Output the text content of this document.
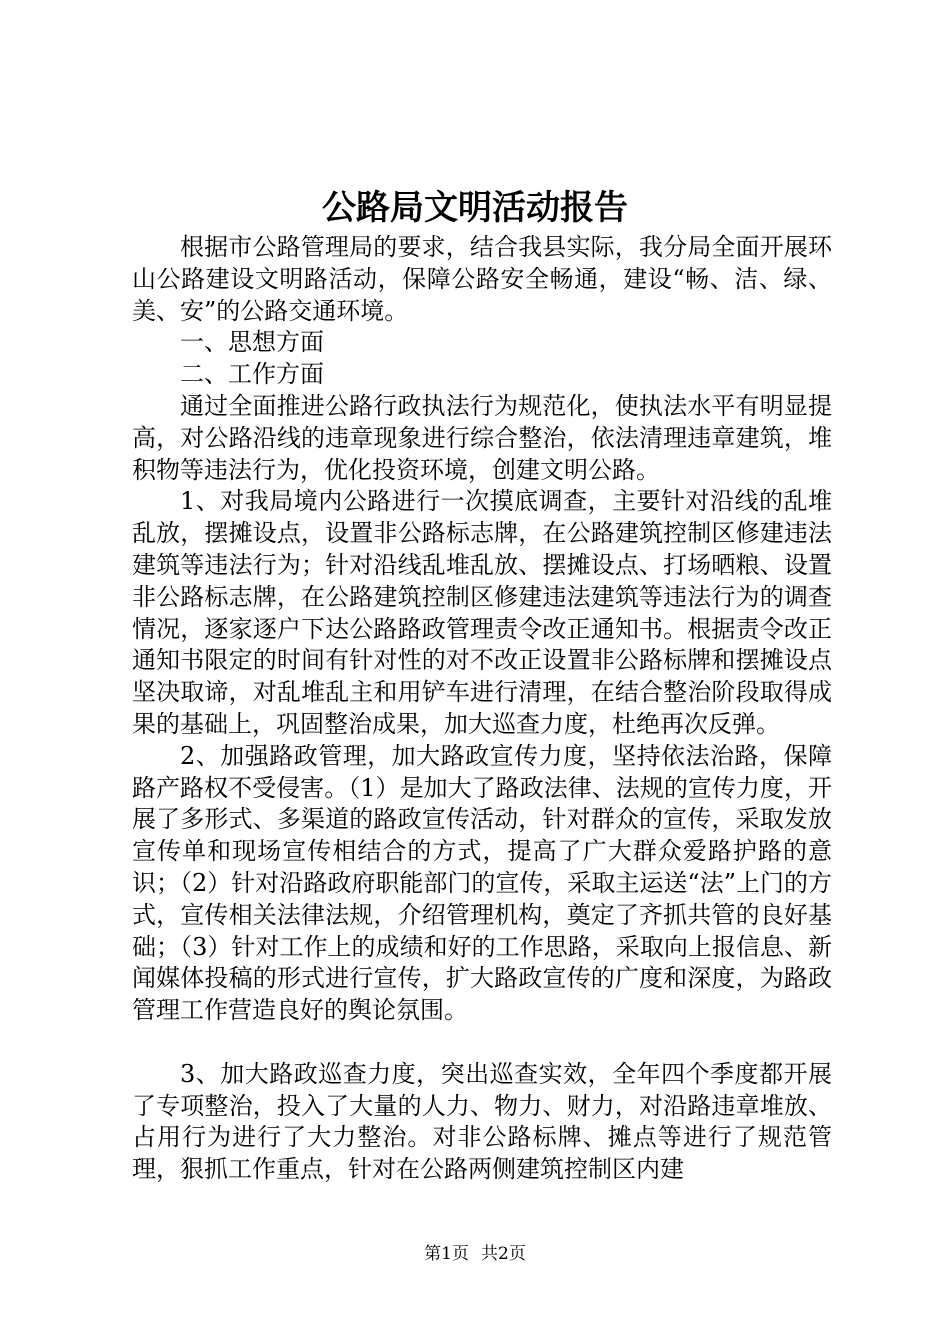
公路局文明活动报告

根据市公路管理局的要求，结合我县实际，我分局全面开展环山公路建设文明路活动，保障公路安全畅通，建设“畅、洁、绿、美、安”的公路交通环境。

一、思想方面

二、工作方面

通过全面推进公路行政执法行为规范化，使执法水平有明显提高，对公路沿线的违章现象进行综合整治，依法清理违章建筑，堆积物等违法行为，优化投资环境，创建文明公路。

1、对我局境内公路进行一次摸底调查，主要针对沿线的乱堆乱放，摆摊设点，设置非公路标志牌，在公路建筑控制区修建违法建筑等违法行为；针对沿线乱堆乱放、摆摊设点、打场晒粮、设置非公路标志牌，在公路建筑控制区修建违法建筑等违法行为的调查情况，逐家逐户下达公路路政管理责令改正通知书。根据责令改正通知书限定的时间有针对性的对不改正设置非公路标牌和摆摊设点坚决取谛，对乱堆乱主和用铲车进行清理，在结合整治阶段取得成果的基础上，巩固整治成果，加大巡查力度，杜绝再次反弹。

2、加强路政管理，加大路政宣传力度，坚持依法治路，保障路产路权不受侵害。（1）是加大了路政法律、法规的宣传力度，开展了多形式、多渠道的路政宣传活动，针对群众的宣传，采取发放宣传单和现场宣传相结合的方式，提高了广大群众爱路护路的意识；（2）针对沿路政府职能部门的宣传，采取主运送“法”上门的方式，宣传相关法律法规，介绍管理机构，奠定了齐抓共管的良好基础；（3）针对工作上的成绩和好的工作思路，采取向上报信息、新闻媒体投稿的形式进行宣传，扩大路政宣传的广度和深度，为路政管理工作营造良好的舆论氛围。

3、加大路政巡查力度，突出巡查实效，全年四个季度都开展了专项整治，投入了大量的人力、物力、财力，对沿路违章堆放、占用行为进行了大力整治。对非公路标牌、摊点等进行了规范管理，狠抓工作重点，针对在公路两侧建筑控制区内建

第1页 共2页
